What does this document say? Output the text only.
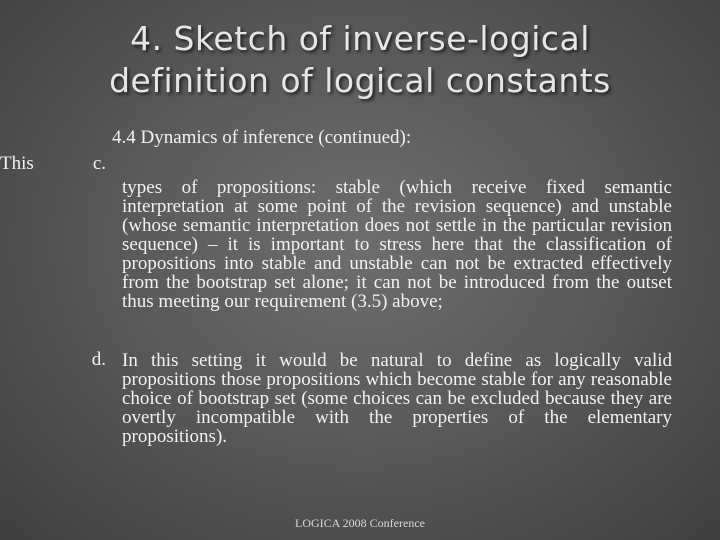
4. Sketch of inverse-logical
definition of logical constants
4.4 Dynamics of inference (continued):
This	c.
types of propositions: stable (which receive fixed semantic interpretation at some point of the revision sequence) and unstable (whose semantic interpretation does not settle in the particular revision sequence) – it is important to stress here that the classification of propositions into stable and unstable can not be extracted effectively from the bootstrap set alone; it can not be introduced from the outset thus meeting our requirement (3.5) above;
d. In this setting it would be natural to define as logically valid propositions those propositions which become stable for any reasonable choice of bootstrap set (some choices can be excluded because they are overtly incompatible with the properties of the elementary propositions).
LOGICA 2008 Conference
